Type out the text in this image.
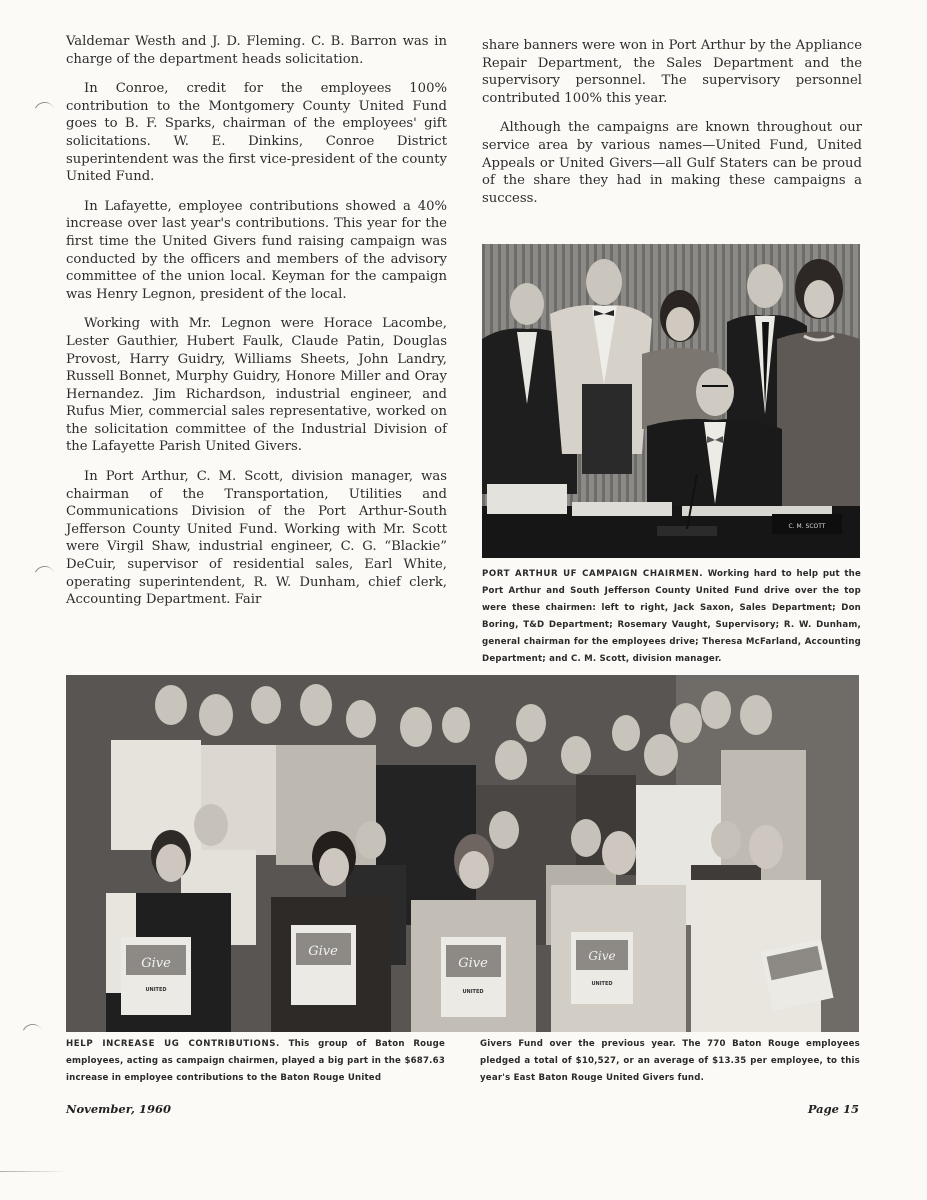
Valdemar Westh and J. D. Fleming. C. B. Barron was in charge of the department heads solicitation.

In Conroe, credit for the employees 100% contribution to the Montgomery County United Fund goes to B. F. Sparks, chairman of the employees' gift solicitations. W. E. Dinkins, Conroe District superintendent was the first vice-president of the county United Fund.

In Lafayette, employee contributions showed a 40% increase over last year's contributions. This year for the first time the United Givers fund raising campaign was conducted by the officers and members of the advisory committee of the union local. Keyman for the campaign was Henry Legnon, president of the local.

Working with Mr. Legnon were Horace Lacombe, Lester Gauthier, Hubert Faulk, Claude Patin, Douglas Provost, Harry Guidry, Williams Sheets, John Landry, Russell Bonnet, Murphy Guidry, Honore Miller and Oray Hernandez. Jim Richardson, industrial engineer, and Rufus Mier, commercial sales representative, worked on the solicitation committee of the Industrial Division of the Lafayette Parish United Givers.

In Port Arthur, C. M. Scott, division manager, was chairman of the Transportation, Utilities and Communications Division of the Port Arthur-South Jefferson County United Fund. Working with Mr. Scott were Virgil Shaw, industrial engineer, C. G. “Blackie” DeCuir, supervisor of residential sales, Earl White, operating superintendent, R. W. Dunham, chief clerk, Accounting Department. Fair

share banners were won in Port Arthur by the Appliance Repair Department, the Sales Department and the supervisory personnel. The supervisory personnel contributed 100% this year.

Although the campaigns are known throughout our service area by various names—United Fund, United Appeals or United Givers—all Gulf Staters can be proud of the share they had in making these campaigns a success.

C. M. SCOTT
PORT ARTHUR UF CAMPAIGN CHAIRMEN. Working hard to help put the Port Arthur and South Jefferson County United Fund drive over the top were these chairmen: left to right, Jack Saxon, Sales Department; Don Boring, T&D Department; Rosemary Vaught, Supervisory; R. W. Dunham, general chairman for the employees drive; Theresa McFarland, Accounting Department; and C. M. Scott, division manager.
Give
Give
Give	Give
UNITED	UNITED
UNITED
HELP INCREASE UG CONTRIBUTIONS. This group of Baton Rouge employees, acting as campaign chairmen, played a big part in the $687.63 increase in employee contributions to the Baton Rouge United
Givers Fund over the previous year. The 770 Baton Rouge employees pledged a total of $10,527, or an average of $13.35 per employee, to this year's East Baton Rouge United Givers fund.
November, 1960	Page 15
